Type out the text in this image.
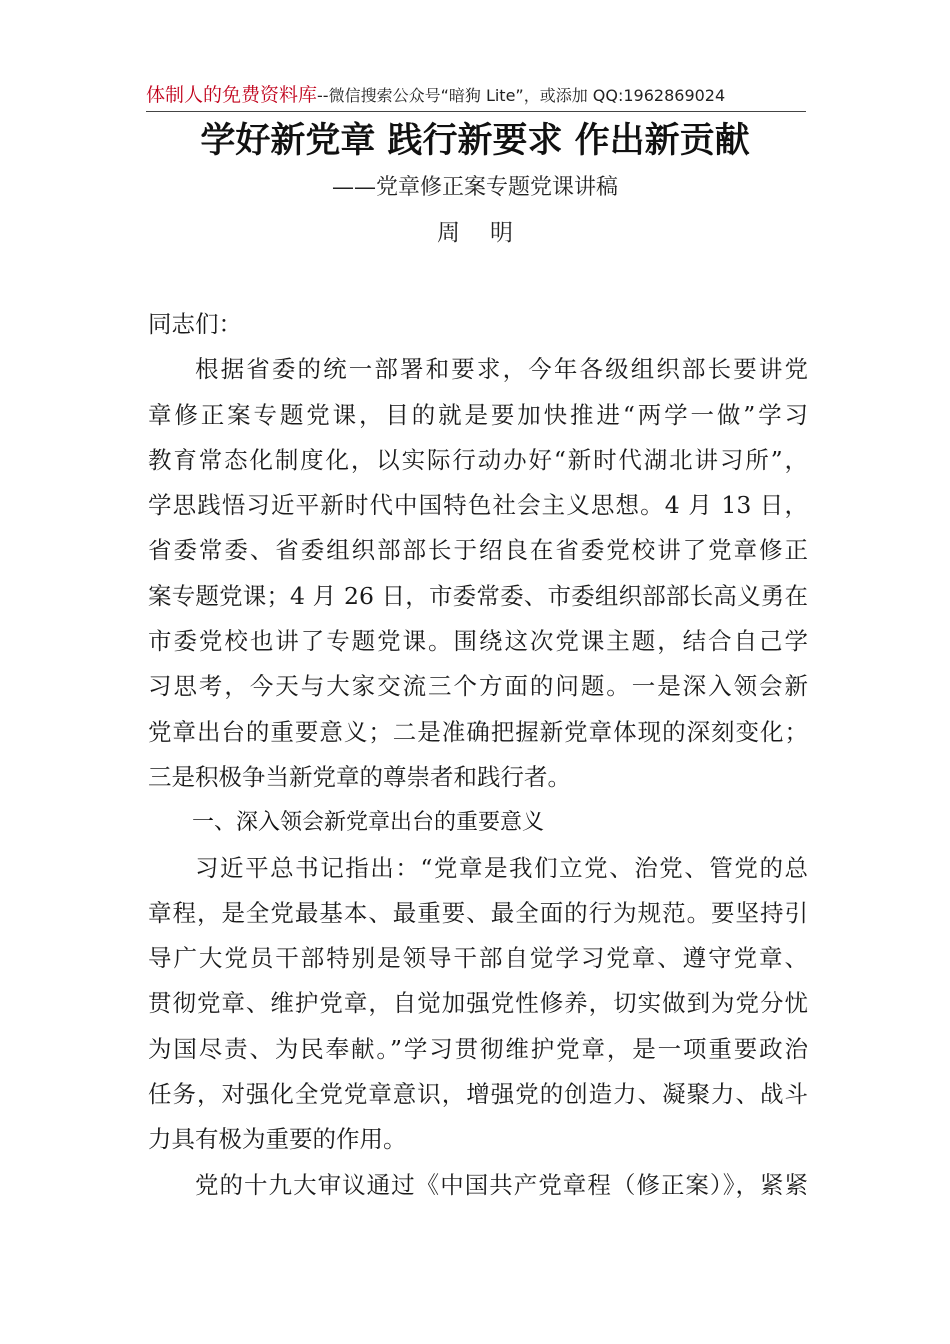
体制人的免费资料库--微信搜索公众号“暗狗 Lite”，或添加 QQ:1962869024
学好新党章 践行新要求 作出新贡献
——党章修正案专题党课讲稿
周明

同志们：

根据省委的统一部署和要求，今年各级组织部长要讲党
章修正案专题党课，目的就是要加快推进“两学一做”学习
教育常态化制度化，以实际行动办好“新时代湖北讲习所”，
学思践悟习近平新时代中国特色社会主义思想。4 月 13 日，
省委常委、省委组织部部长于绍良在省委党校讲了党章修正
案专题党课；4 月 26 日，市委常委、市委组织部部长高义勇在
市委党校也讲了专题党课。围绕这次党课主题，结合自己学
习思考，今天与大家交流三个方面的问题。一是深入领会新
党章出台的重要意义；二是准确把握新党章体现的深刻变化；
三是积极争当新党章的尊崇者和践行者。

一、深入领会新党章出台的重要意义

习近平总书记指出：“党章是我们立党、治党、管党的总
章程，是全党最基本、最重要、最全面的行为规范。要坚持引
导广大党员干部特别是领导干部自觉学习党章、遵守党章、
贯彻党章、维护党章，自觉加强党性修养，切实做到为党分忧
为国尽责、为民奉献。”学习贯彻维护党章，是一项重要政治
任务，对强化全党党章意识，增强党的创造力、凝聚力、战斗
力具有极为重要的作用。

党的十九大审议通过《中国共产党章程（修正案）》，紧紧
